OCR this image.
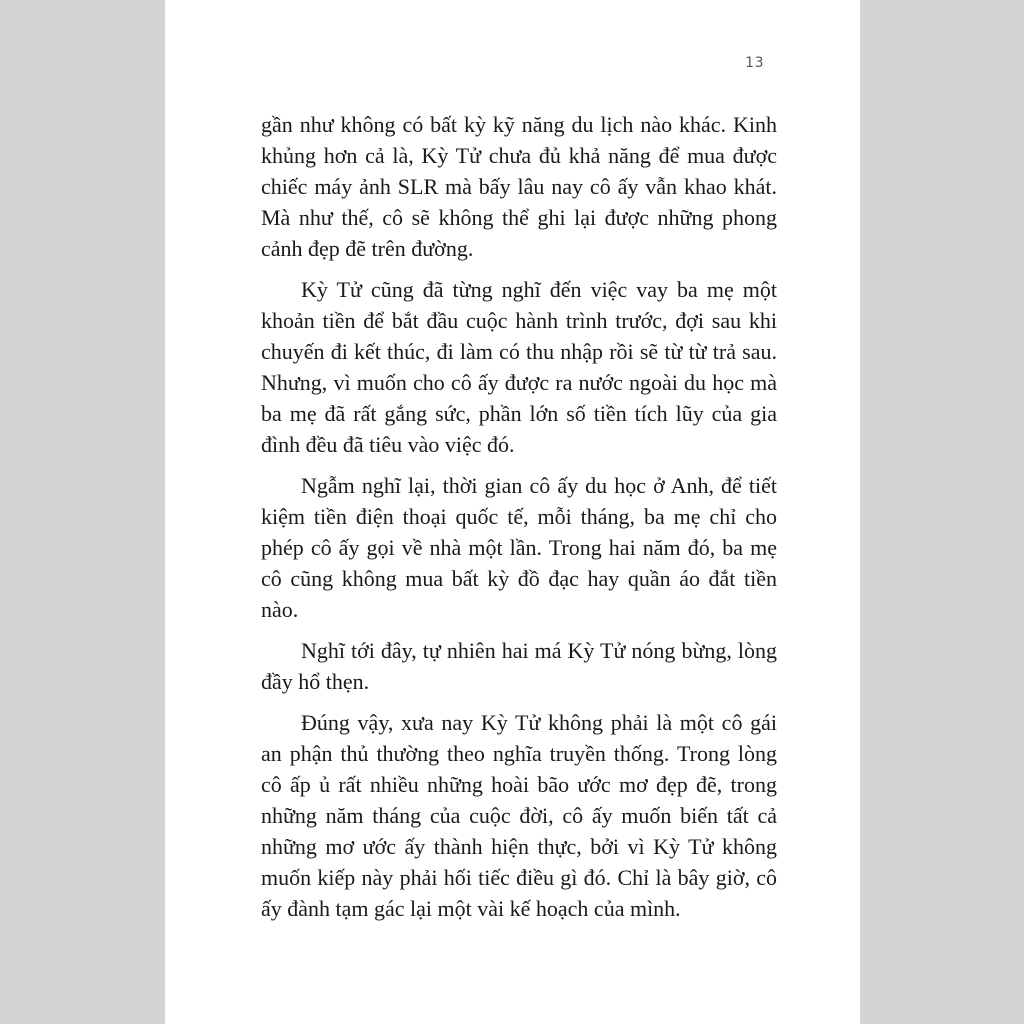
13

gần như không có bất kỳ kỹ năng du lịch nào khác. Kinh khủng hơn cả là, Kỳ Tử chưa đủ khả năng để mua được chiếc máy ảnh SLR mà bấy lâu nay cô ấy vẫn khao khát. Mà như thế, cô sẽ không thể ghi lại được những phong cảnh đẹp đẽ trên đường.

Kỳ Tử cũng đã từng nghĩ đến việc vay ba mẹ một khoản tiền để bắt đầu cuộc hành trình trước, đợi sau khi chuyến đi kết thúc, đi làm có thu nhập rồi sẽ từ từ trả sau. Nhưng, vì muốn cho cô ấy được ra nước ngoài du học mà ba mẹ đã rất gắng sức, phần lớn số tiền tích lũy của gia đình đều đã tiêu vào việc đó.

Ngẫm nghĩ lại, thời gian cô ấy du học ở Anh, để tiết kiệm tiền điện thoại quốc tế, mỗi tháng, ba mẹ chỉ cho phép cô ấy gọi về nhà một lần. Trong hai năm đó, ba mẹ cô cũng không mua bất kỳ đồ đạc hay quần áo đắt tiền nào.

Nghĩ tới đây, tự nhiên hai má Kỳ Tử nóng bừng, lòng đầy hổ thẹn.

Đúng vậy, xưa nay Kỳ Tử không phải là một cô gái an phận thủ thường theo nghĩa truyền thống. Trong lòng cô ấp ủ rất nhiều những hoài bão ước mơ đẹp đẽ, trong những năm tháng của cuộc đời, cô ấy muốn biến tất cả những mơ ước ấy thành hiện thực, bởi vì Kỳ Tử không muốn kiếp này phải hối tiếc điều gì đó. Chỉ là bây giờ, cô ấy đành tạm gác lại một vài kế hoạch của mình.
